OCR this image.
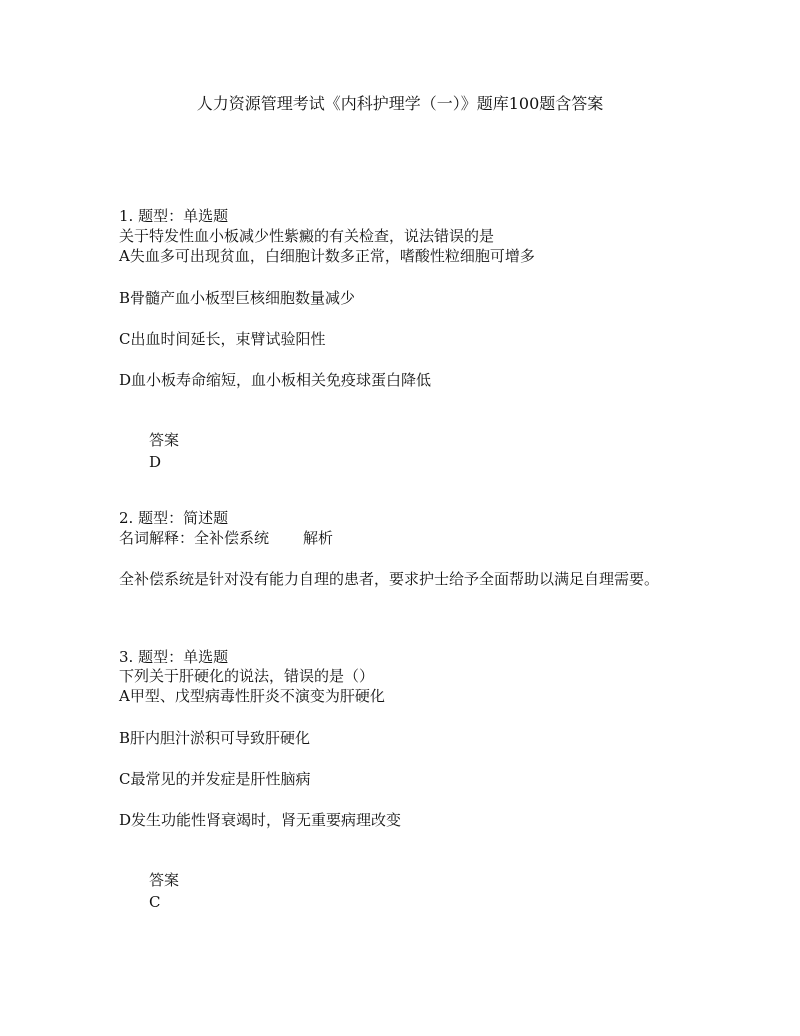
人力资源管理考试《内科护理学（一）》题库100题含答案
1. 题型：单选题
关于特发性血小板减少性紫癜的有关检查，说法错误的是
A失血多可出现贫血，白细胞计数多正常，嗜酸性粒细胞可增多
B骨髓产血小板型巨核细胞数量减少
C出血时间延长，束臂试验阳性
D血小板寿命缩短，血小板相关免疫球蛋白降低
答案
D
2. 题型：简述题
名词解释：全补偿系统 解析
全补偿系统是针对没有能力自理的患者，要求护士给予全面帮助以满足自理需要。
3. 题型：单选题
下列关于肝硬化的说法，错误的是（）
A甲型、戊型病毒性肝炎不演变为肝硬化
B肝内胆汁淤积可导致肝硬化
C最常见的并发症是肝性脑病
D发生功能性肾衰竭时，肾无重要病理改变
答案
C
